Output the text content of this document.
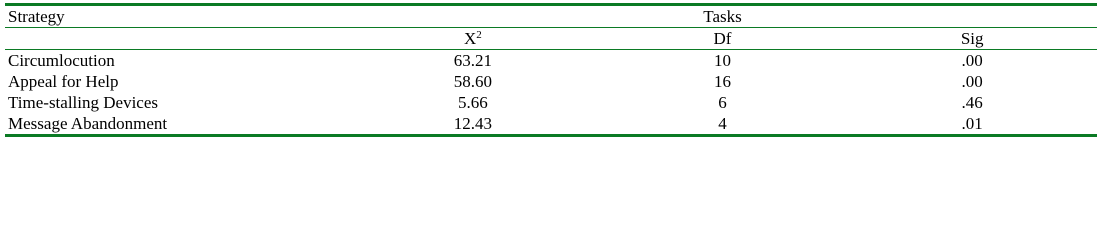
Strategy	Tasks		
	$X^2$	Df	Sig
Circumlocution	63.21	10	.00
Appeal for Help	58.60	16	.00
Time-stalling Devices	5.66	6	.46
Message Abandonment	12.43	4	.01
